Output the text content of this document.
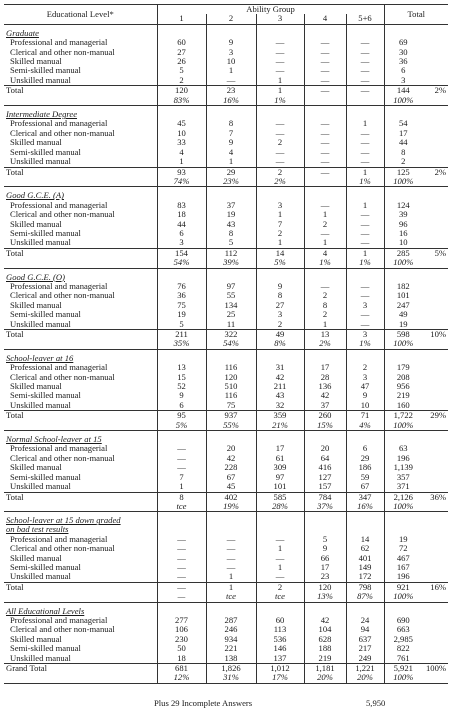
Educational Level*	Ability Group					Total	
	1	2	3	4	5+6		
Graduate							
Professional and managerial	60	9	—	—	—	69	
Clerical and other non-manual	27	3	—	—	—	30	
Skilled manual	26	10	—	—	—	36	
Semi-skilled manual	5	1	—	—	—	6	
Unskilled manual	2	—	1	—	—	3	
Total	120	23	1	—	—	144	2%
	83%	16%	1%			100%	
Intermediate Degree							
Professional and managerial	45	8	—	—	1	54	
Clerical and other non-manual	10	7	—	—	—	17	
Skilled manual	33	9	2	—	—	44	
Semi-skilled manual	4	4	—	—	—	8	
Unskilled manual	1	1	—	—	—	2	
Total	93	29	2	—	1	125	2%
	74%	23%	2%		1%	100%	
Good G.C.E. (A)							
Professional and managerial	83	37	3	—	1	124	
Clerical and other non-manual	18	19	1	1	—	39	
Skilled manual	44	43	7	2	—	96	
Semi-skilled manual	6	8	2	—	—	16	
Unskilled manual	3	5	1	1	—	10	
Total	154	112	14	4	1	285	5%
	54%	39%	5%	1%	1%	100%	
Good G.C.E. (O)							
Professional and managerial	76	97	9	—	—	182	
Clerical and other non-manual	36	55	8	2	—	101	
Skilled manual	75	134	27	8	3	247	
Semi-skilled manual	19	25	3	2	—	49	
Unskilled manual	5	11	2	1	—	19	
Total	211	322	49	13	3	598	10%
	35%	54%	8%	2%	1%	100%	
School-leaver at 16							
Professional and managerial	13	116	31	17	2	179	
Clerical and other non-manual	15	120	42	28	3	208	
Skilled manual	52	510	211	136	47	956	
Semi-skilled manual	9	116	43	42	9	219	
Unskilled manual	6	75	32	37	10	160	
Total	95	937	359	260	71	1,722	29%
	5%	55%	21%	15%	4%	100%	
Normal School-leaver at 15							
Professional and managerial	—	20	17	20	6	63	
Clerical and other non-manual	—	42	61	64	29	196	
Skilled manual	—	228	309	416	186	1,139	
Semi-skilled manual	7	67	97	127	59	357	
Unskilled manual	1	45	101	157	67	371	
Total	8	402	585	784	347	2,126	36%
	tce	19%	28%	37%	16%	100%	
School-leaver at 15 down graded							
on bad test results							
Professional and managerial	—	—	—	5	14	19	
Clerical and other non-manual	—	—	1	9	62	72	
Skilled manual	—	—	—	66	401	467	
Semi-skilled manual	—	—	1	17	149	167	
Unskilled manual	—	1	—	23	172	196	
Total	—	1	2	120	798	921	16%
	—	tce	tce	13%	87%	100%	
All Educational Levels							
Professional and managerial	277	287	60	42	24	690	
Clerical and other non-manual	106	246	113	104	94	663	
Skilled manual	230	934	536	628	637	2,985	
Semi-skilled manual	50	221	146	188	217	822	
Unskilled manual	18	138	137	219	249	761	
Grand Total	681	1,826	1,012	1,181	1,221	5,921	100%
	12%	31%	17%	20%	20%	100%	
Plus 29 Incomplete Answers	5,950
